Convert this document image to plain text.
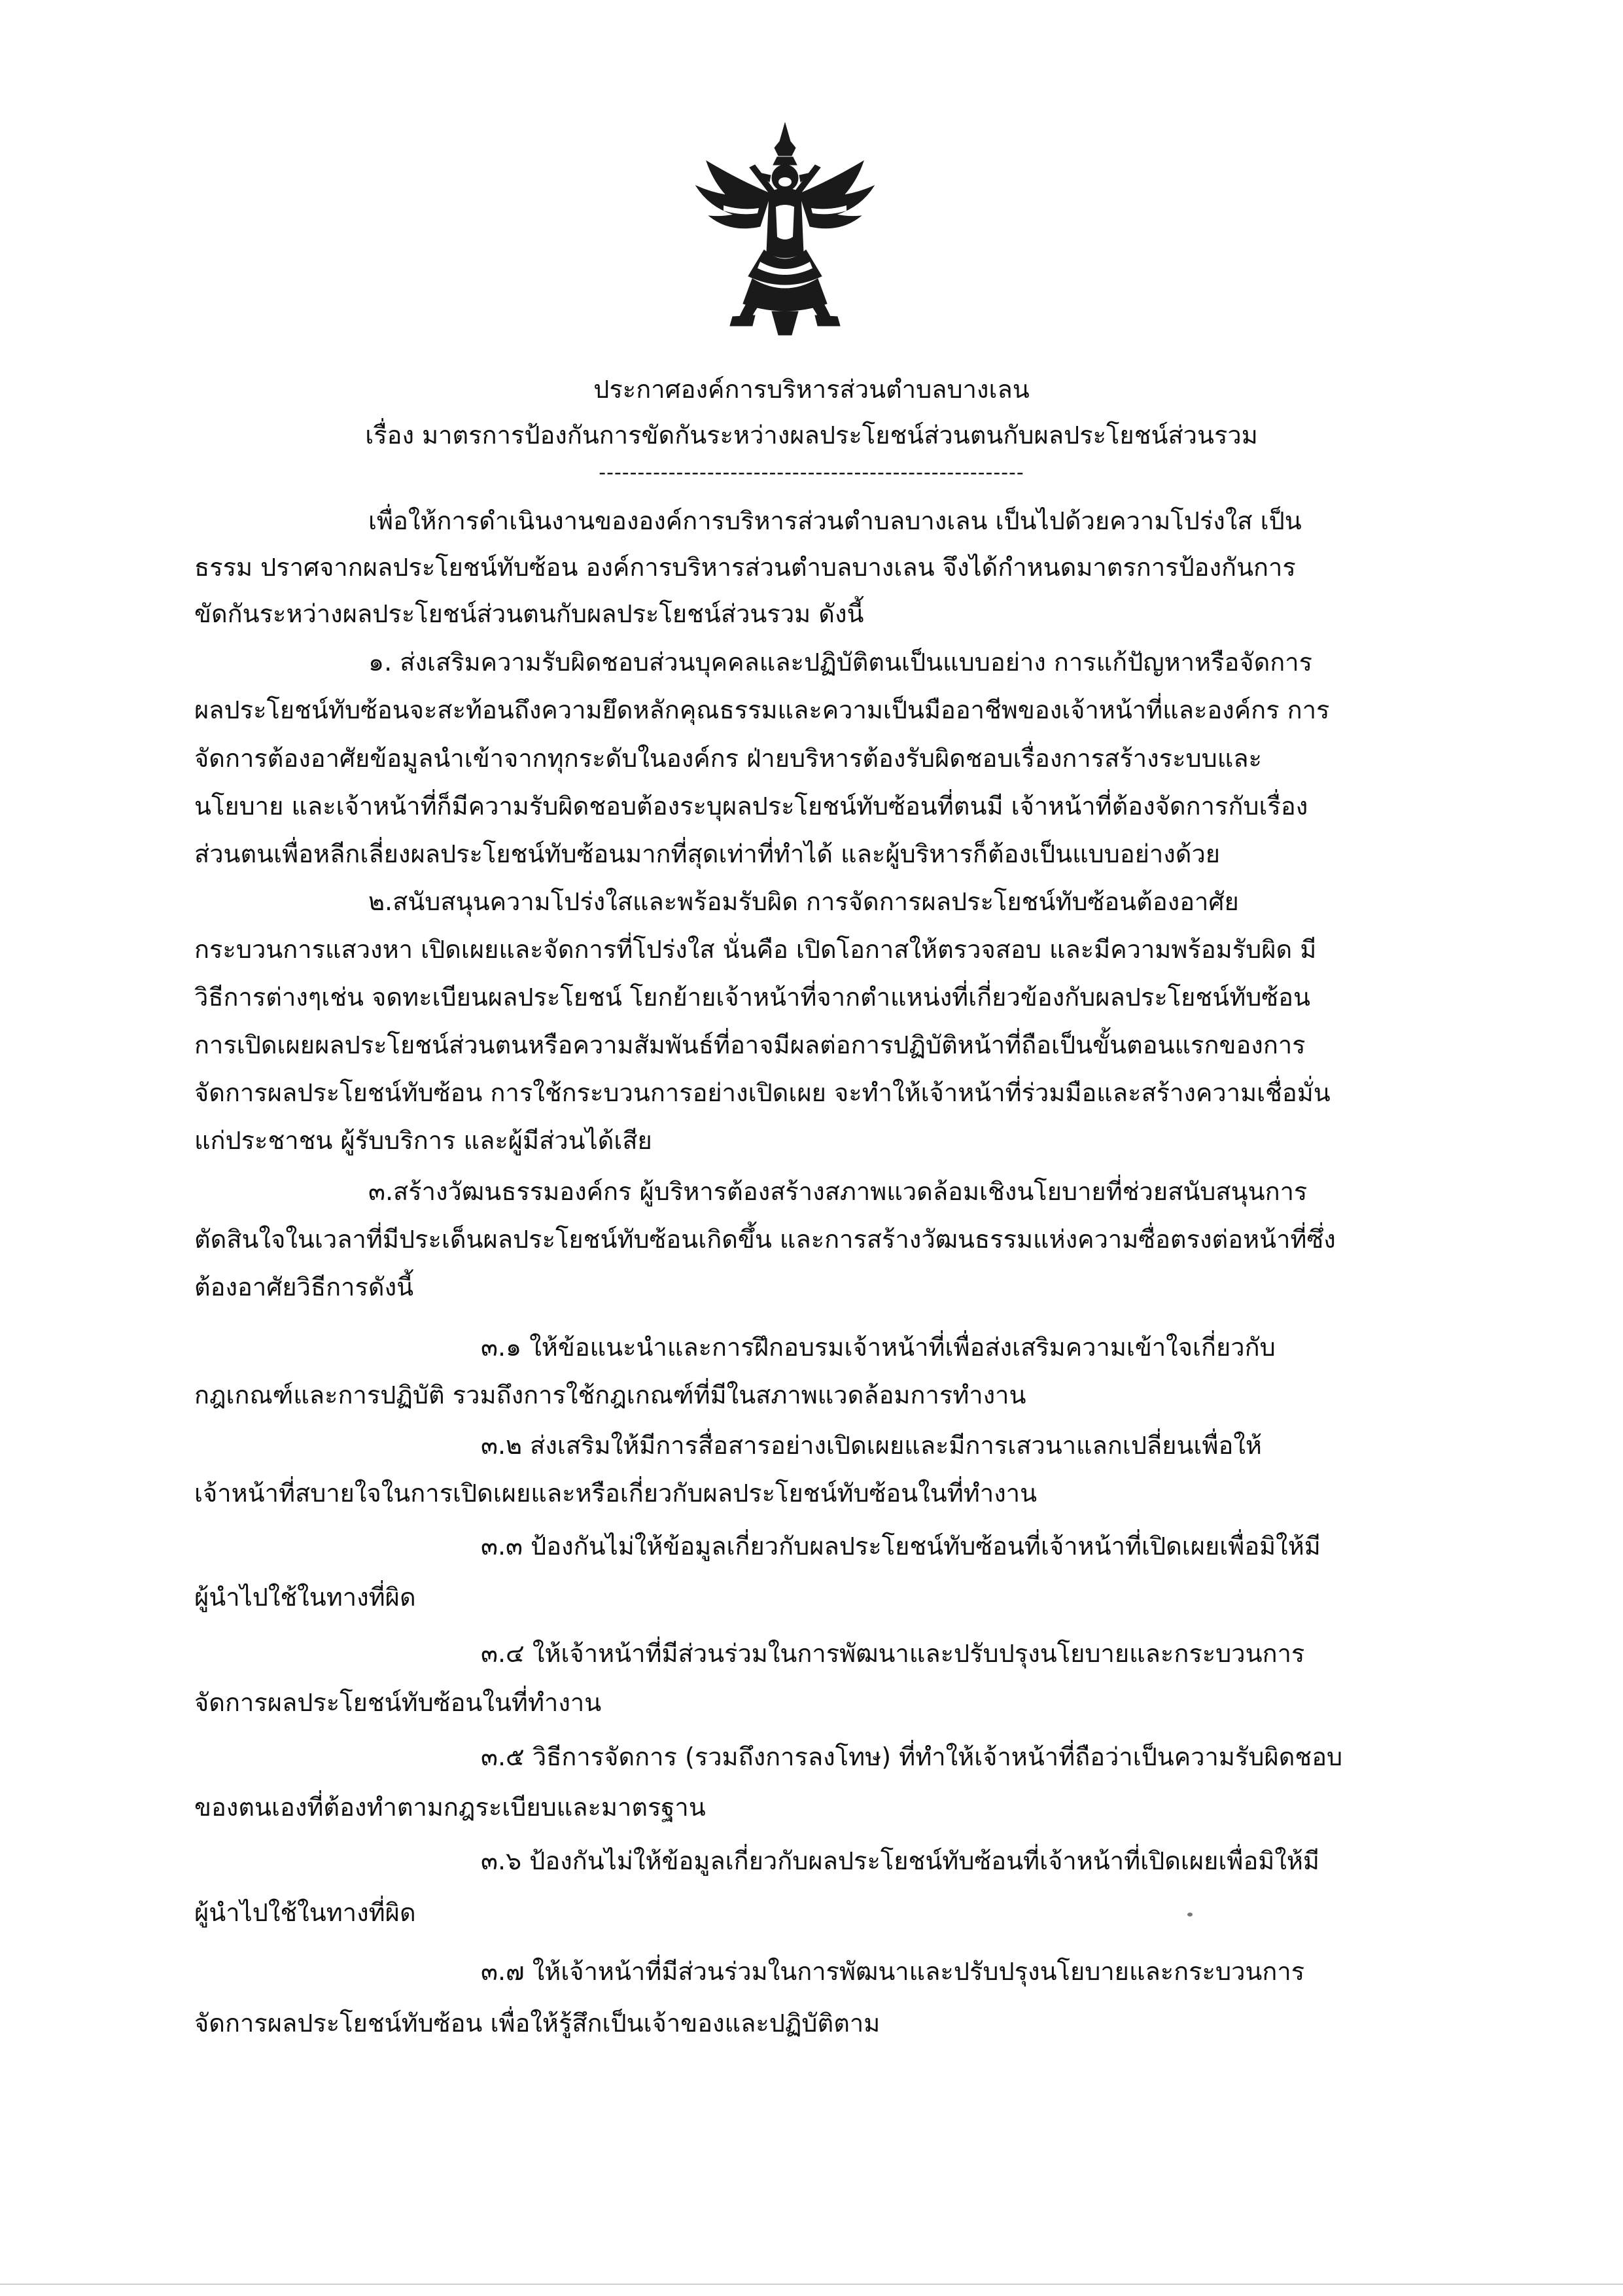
ประกาศองค์การบริหารส่วนตำบลบางเลน
เรื่อง มาตรการป้องกันการขัดกันระหว่างผลประโยชน์ส่วนตนกับผลประโยชน์ส่วนรวม
-------------------------------------------------------
เพื่อให้การดำเนินงานขององค์การบริหารส่วนตำบลบางเลน เป็นไปด้วยความโปร่งใส เป็น
ธรรม ปราศจากผลประโยชน์ทับซ้อน องค์การบริหารส่วนตำบลบางเลน จึงได้กำหนดมาตรการป้องกันการ
ขัดกันระหว่างผลประโยชน์ส่วนตนกับผลประโยชน์ส่วนรวม ดังนี้
๑. ส่งเสริมความรับผิดชอบส่วนบุคคลและปฏิบัติตนเป็นแบบอย่าง การแก้ปัญหาหรือจัดการ
ผลประโยชน์ทับซ้อนจะสะท้อนถึงความยึดหลักคุณธรรมและความเป็นมืออาชีพของเจ้าหน้าที่และองค์กร การ
จัดการต้องอาศัยข้อมูลนำเข้าจากทุกระดับในองค์กร ฝ่ายบริหารต้องรับผิดชอบเรื่องการสร้างระบบและ
นโยบาย และเจ้าหน้าที่ก็มีความรับผิดชอบต้องระบุผลประโยชน์ทับซ้อนที่ตนมี เจ้าหน้าที่ต้องจัดการกับเรื่อง
ส่วนตนเพื่อหลีกเลี่ยงผลประโยชน์ทับซ้อนมากที่สุดเท่าที่ทำได้ และผู้บริหารก็ต้องเป็นแบบอย่างด้วย
๒.สนับสนุนความโปร่งใสและพร้อมรับผิด การจัดการผลประโยชน์ทับซ้อนต้องอาศัย
กระบวนการแสวงหา เปิดเผยและจัดการที่โปร่งใส นั่นคือ เปิดโอกาสให้ตรวจสอบ และมีความพร้อมรับผิด มี
วิธีการต่างๆเช่น จดทะเบียนผลประโยชน์ โยกย้ายเจ้าหน้าที่จากตำแหน่งที่เกี่ยวข้องกับผลประโยชน์ทับซ้อน
การเปิดเผยผลประโยชน์ส่วนตนหรือความสัมพันธ์ที่อาจมีผลต่อการปฏิบัติหน้าที่ถือเป็นขั้นตอนแรกของการ
จัดการผลประโยชน์ทับซ้อน การใช้กระบวนการอย่างเปิดเผย จะทำให้เจ้าหน้าที่ร่วมมือและสร้างความเชื่อมั่น
แก่ประชาชน ผู้รับบริการ และผู้มีส่วนได้เสีย
๓.สร้างวัฒนธรรมองค์กร ผู้บริหารต้องสร้างสภาพแวดล้อมเชิงนโยบายที่ช่วยสนับสนุนการ
ตัดสินใจในเวลาที่มีประเด็นผลประโยชน์ทับซ้อนเกิดขึ้น และการสร้างวัฒนธรรมแห่งความซื่อตรงต่อหน้าที่ซึ่ง
ต้องอาศัยวิธีการดังนี้
๓.๑ ให้ข้อแนะนำและการฝึกอบรมเจ้าหน้าที่เพื่อส่งเสริมความเข้าใจเกี่ยวกับ
กฎเกณฑ์และการปฏิบัติ รวมถึงการใช้กฎเกณฑ์ที่มีในสภาพแวดล้อมการทำงาน
๓.๒ ส่งเสริมให้มีการสื่อสารอย่างเปิดเผยและมีการเสวนาแลกเปลี่ยนเพื่อให้
เจ้าหน้าที่สบายใจในการเปิดเผยและหรือเกี่ยวกับผลประโยชน์ทับซ้อนในที่ทำงาน
๓.๓ ป้องกันไม่ให้ข้อมูลเกี่ยวกับผลประโยชน์ทับซ้อนที่เจ้าหน้าที่เปิดเผยเพื่อมิให้มี
ผู้นำไปใช้ในทางที่ผิด
๓.๔ ให้เจ้าหน้าที่มีส่วนร่วมในการพัฒนาและปรับปรุงนโยบายและกระบวนการ
จัดการผลประโยชน์ทับซ้อนในที่ทำงาน
๓.๕ วิธีการจัดการ (รวมถึงการลงโทษ) ที่ทำให้เจ้าหน้าที่ถือว่าเป็นความรับผิดชอบ
ของตนเองที่ต้องทำตามกฎระเบียบและมาตรฐาน
๓.๖ ป้องกันไม่ให้ข้อมูลเกี่ยวกับผลประโยชน์ทับซ้อนที่เจ้าหน้าที่เปิดเผยเพื่อมิให้มี
ผู้นำไปใช้ในทางที่ผิด
๓.๗ ให้เจ้าหน้าที่มีส่วนร่วมในการพัฒนาและปรับปรุงนโยบายและกระบวนการ
จัดการผลประโยชน์ทับซ้อน เพื่อให้รู้สึกเป็นเจ้าของและปฏิบัติตาม
